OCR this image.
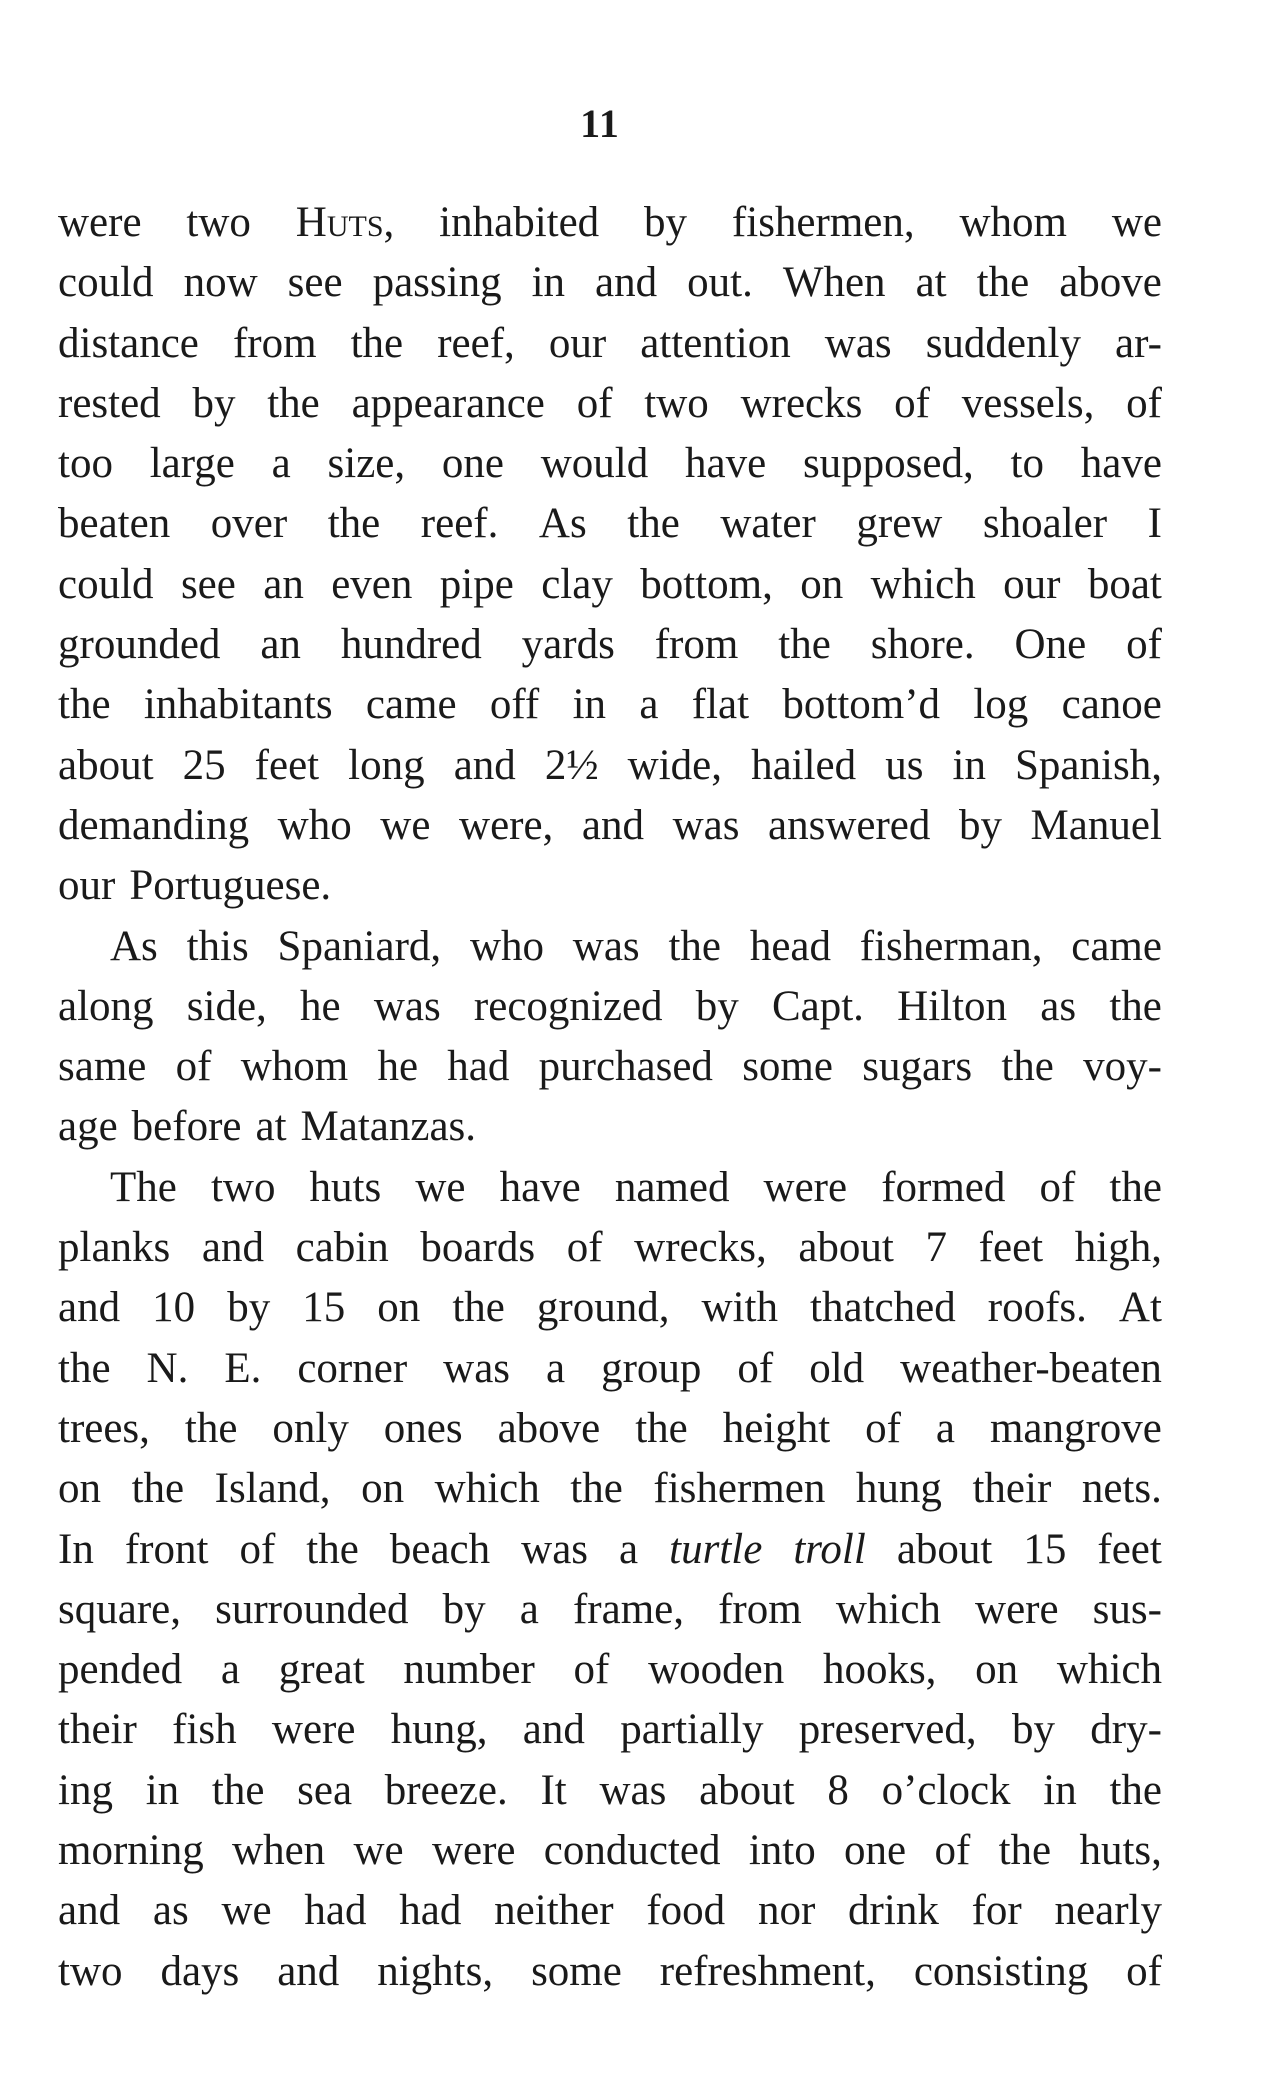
11
were two Huts, inhabited by fishermen, whom we
could now see passing in and out. When at the above
distance from the reef, our attention was suddenly ar-
rested by the appearance of two wrecks of vessels, of
too large a size, one would have supposed, to have
beaten over the reef. As the water grew shoaler I
could see an even pipe clay bottom, on which our boat
grounded an hundred yards from the shore. One of
the inhabitants came off in a flat bottom’d log canoe
about 25 feet long and 2½ wide, hailed us in Spanish,
demanding who we were, and was answered by Manuel
our Portuguese.
As this Spaniard, who was the head fisherman, came
along side, he was recognized by Capt. Hilton as the
same of whom he had purchased some sugars the voy-
age before at Matanzas.
The two huts we have named were formed of the
planks and cabin boards of wrecks, about 7 feet high,
and 10 by 15 on the ground, with thatched roofs. At
the N. E. corner was a group of old weather-beaten
trees, the only ones above the height of a mangrove
on the Island, on which the fishermen hung their nets.
In front of the beach was a turtle troll about 15 feet
square, surrounded by a frame, from which were sus-
pended a great number of wooden hooks, on which
their fish were hung, and partially preserved, by dry-
ing in the sea breeze. It was about 8 o’clock in the
morning when we were conducted into one of the huts,
and as we had had neither food nor drink for nearly
two days and nights, some refreshment, consisting of
